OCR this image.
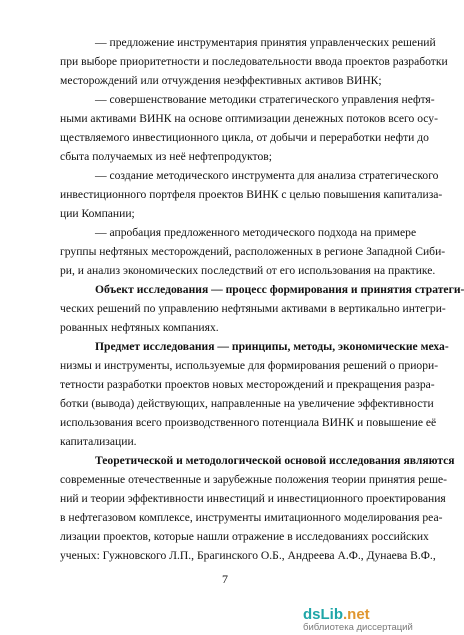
— предложение инструментария принятия управленческих решений
при выборе приоритетности и последовательности ввода проектов разработки
месторождений или отчуждения неэффективных активов ВИНК;
— совершенствование методики стратегического управления нефтя-
ными активами ВИНК на основе оптимизации денежных потоков всего осу-
ществляемого инвестиционного цикла, от добычи и переработки нефти до
сбыта получаемых из неё нефтепродуктов;
— создание методического инструмента для анализа стратегического
инвестиционного портфеля проектов ВИНК с целью повышения капитализа-
ции Компании;
— апробация предложенного методического подхода на примере
группы нефтяных месторождений, расположенных в регионе Западной Сиби-
ри, и анализ экономических последствий от его использования на практике.
Объект исследования — процесс формирования и принятия стратеги-
ческих решений по управлению нефтяными активами в вертикально интегри-
рованных нефтяных компаниях.
Предмет исследования — принципы, методы, экономические меха-
низмы и инструменты, используемые для формирования решений о приори-
тетности разработки проектов новых месторождений и прекращения разра-
ботки (вывода) действующих, направленные на увеличение эффективности
использования всего производственного потенциала ВИНК и повышение её
капитализации.
Теоретической и методологической основой исследования являются
современные отечественные и зарубежные положения теории принятия реше-
ний и теории эффективности инвестиций и инвестиционного проектирования
в нефтегазовом комплексе, инструменты имитационного моделирования реа-
лизации проектов, которые нашли отражение в исследованиях российских
ученых: Гужновского Л.П., Брагинского О.Б., Андреева А.Ф., Дунаева В.Ф.,
7
dsLib.net
библиотека диссертаций
